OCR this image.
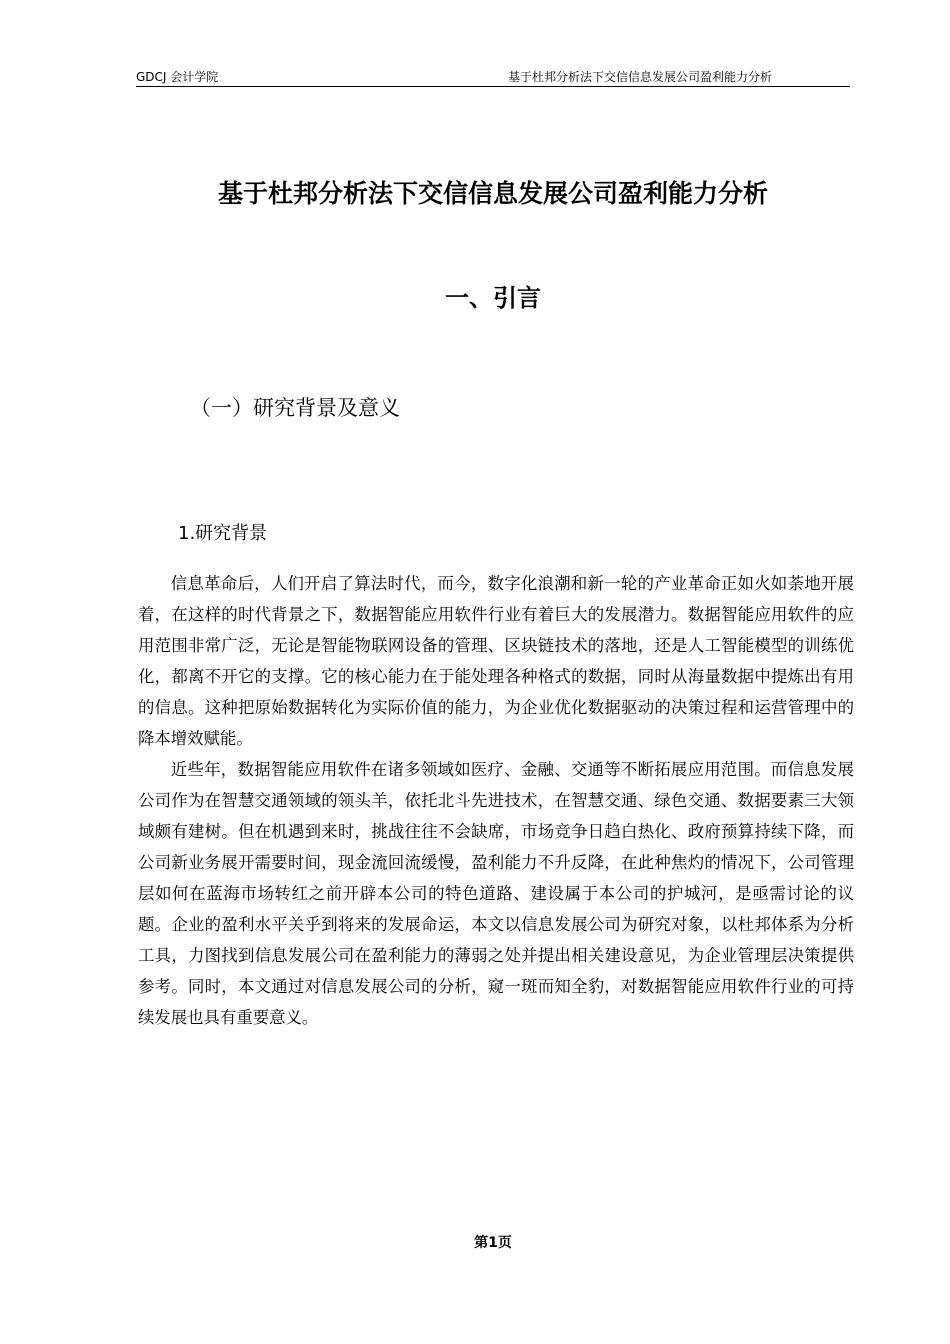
GDCJ 会计学院	基于杜邦分析法下交信信息发展公司盈利能力分析
基于杜邦分析法下交信信息发展公司盈利能力分析
一、引言
（一）研究背景及意义
1.研究背景

信息革命后，人们开启了算法时代，而今，数字化浪潮和新一轮的产业革命正如火如荼地开展着，在这样的时代背景之下，数据智能应用软件行业有着巨大的发展潜力。数据智能应用软件的应用范围非常广泛，无论是智能物联网设备的管理、区块链技术的落地，还是人工智能模型的训练优化，都离不开它的支撑。它的核心能力在于能处理各种格式的数据，同时从海量数据中提炼出有用的信息。这种把原始数据转化为实际价值的能力，为企业优化数据驱动的决策过程和运营管理中的降本增效赋能。

近些年，数据智能应用软件在诸多领域如医疗、金融、交通等不断拓展应用范围。而信息发展公司作为在智慧交通领域的领头羊，依托北斗先进技术，在智慧交通、绿色交通、数据要素三大领域颇有建树。但在机遇到来时，挑战往往不会缺席，市场竞争日趋白热化、政府预算持续下降，而公司新业务展开需要时间，现金流回流缓慢，盈利能力不升反降，在此种焦灼的情况下，公司管理层如何在蓝海市场转红之前开辟本公司的特色道路、建设属于本公司的护城河，是亟需讨论的议题。企业的盈利水平关乎到将来的发展命运，本文以信息发展公司为研究对象，以杜邦体系为分析工具，力图找到信息发展公司在盈利能力的薄弱之处并提出相关建设意见，为企业管理层决策提供参考。同时，本文通过对信息发展公司的分析，窥一斑而知全豹，对数据智能应用软件行业的可持续发展也具有重要意义。

第1页
